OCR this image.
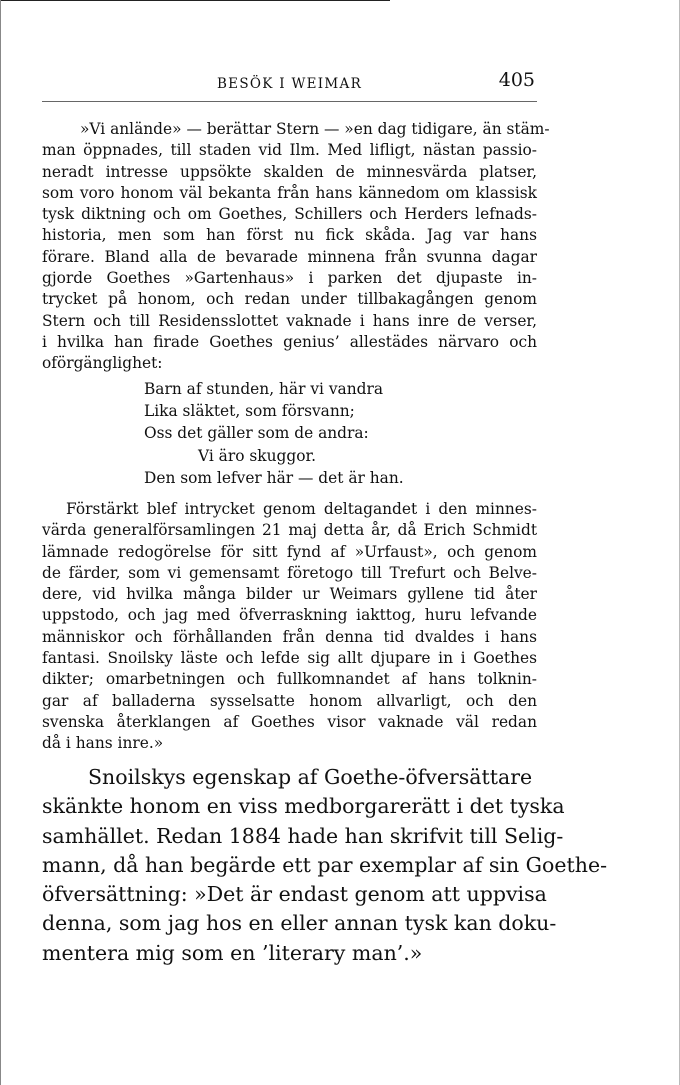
BESÖK I WEIMAR	405
»Vi anlände» — berättar Stern — »en dag tidigare, än stäm-
man öppnades, till staden vid Ilm. Med lifligt, nästan passio-
neradt intresse uppsökte skalden de minnesvärda platser,
som voro honom väl bekanta från hans kännedom om klassisk
tysk diktning och om Goethes, Schillers och Herders lefnads-
historia, men som han först nu fick skåda. Jag var hans
förare. Bland alla de bevarade minnena från svunna dagar
gjorde Goethes »Gartenhaus» i parken det djupaste in-
trycket på honom, och redan under tillbakagången genom
Stern och till Residensslottet vaknade i hans inre de verser,
i hvilka han firade Goethes genius’ allestädes närvaro och
oförgänglighet:
Barn af stunden, här vi vandra
Lika släktet, som försvann;
Oss det gäller som de andra:
Vi äro skuggor.
Den som lefver här — det är han.
Förstärkt blef intrycket genom deltagandet i den minnes-
värda generalförsamlingen 21 maj detta år, då Erich Schmidt
lämnade redogörelse för sitt fynd af »Urfaust», och genom
de färder, som vi gemensamt företogo till Trefurt och Belve-
dere, vid hvilka många bilder ur Weimars gyllene tid åter
uppstodo, och jag med öfverraskning iakttog, huru lefvande
människor och förhållanden från denna tid dvaldes i hans
fantasi. Snoilsky läste och lefde sig allt djupare in i Goethes
dikter; omarbetningen och fullkomnandet af hans tolknin-
gar af balladerna sysselsatte honom allvarligt, och den
svenska återklangen af Goethes visor vaknade väl redan
då i hans inre.»
Snoilskys egenskap af Goethe-öfversättare
skänkte honom en viss medborgarerätt i det tyska
samhället. Redan 1884 hade han skrifvit till Selig-
mann, då han begärde ett par exemplar af sin Goethe-
öfversättning: »Det är endast genom att uppvisa
denna, som jag hos en eller annan tysk kan doku-
mentera mig som en ’literary man’.»
